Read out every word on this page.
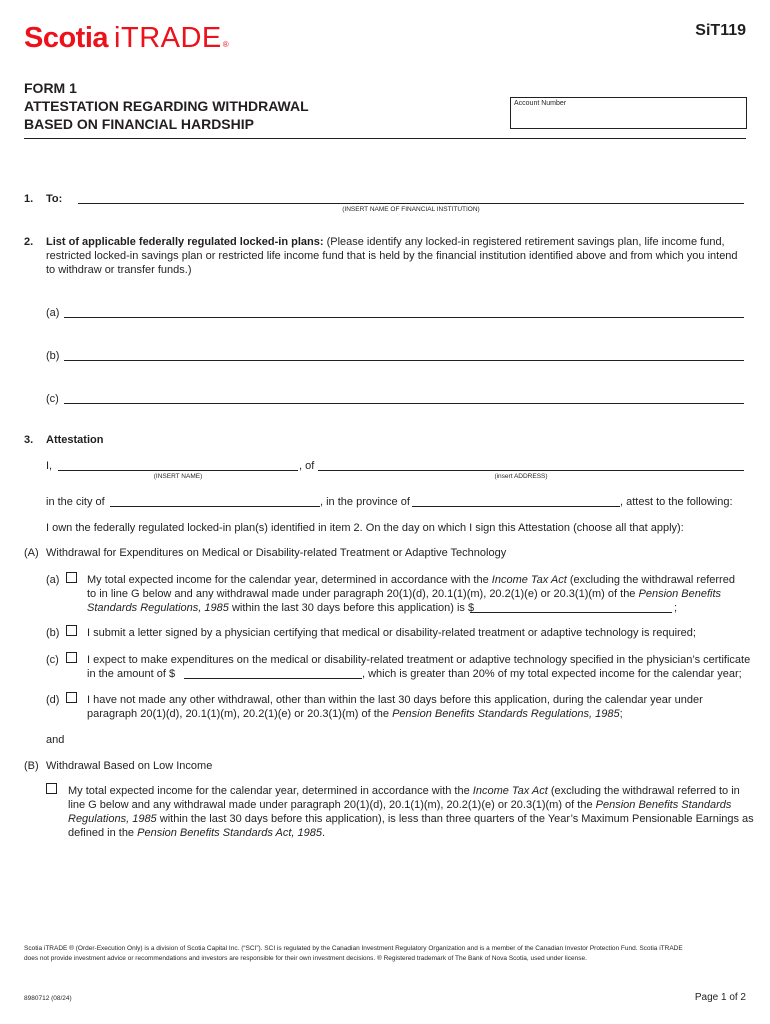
Scotia iTRADE ®
SiT119
FORM 1
ATTESTATION REGARDING WITHDRAWAL
BASED ON FINANCIAL HARDSHIP
Account Number
1. To:
(INSERT NAME OF FINANCIAL INSTITUTION)
2. List of applicable federally regulated locked-in plans: (Please identify any locked-in registered retirement savings plan, life income fund,
restricted locked-in savings plan or restricted life income fund that is held by the financial institution identified above and from which you intend
to withdraw or transfer funds.)
(a)
(b)
(c)
3. Attestation
I,
(INSERT NAME)
, of
(insert ADDRESS)
in the city of	, in the province of	, attest to the following:
I own the federally regulated locked-in plan(s) identified in item 2. On the day on which I sign this Attestation (choose all that apply):
(A) Withdrawal for Expenditures on Medical or Disability-related Treatment or Adaptive Technology
(a)	My total expected income for the calendar year, determined in accordance with the Income Tax Act (excluding the withdrawal referred
to in line G below and any withdrawal made under paragraph 20(1)(d), 20.1(1)(m), 20.2(1)(e) or 20.3(1)(m) of the Pension Benefits
Standards Regulations, 1985 within the last 30 days before this application) is $	;
(b)	I submit a letter signed by a physician certifying that medical or disability-related treatment or adaptive technology is required;
(c)	I expect to make expenditures on the medical or disability-related treatment or adaptive technology specified in the physician’s certificate
in the amount of $	, which is greater than 20% of my total expected income for the calendar year;
(d)	I have not made any other withdrawal, other than within the last 30 days before this application, during the calendar year under
paragraph 20(1)(d), 20.1(1)(m), 20.2(1)(e) or 20.3(1)(m) of the Pension Benefits Standards Regulations, 1985;
and
(B) Withdrawal Based on Low Income
My total expected income for the calendar year, determined in accordance with the Income Tax Act (excluding the withdrawal referred to in
line G below and any withdrawal made under paragraph 20(1)(d), 20.1(1)(m), 20.2(1)(e) or 20.3(1)(m) of the Pension Benefits Standards
Regulations, 1985 within the last 30 days before this application), is less than three quarters of the Year’s Maximum Pensionable Earnings as
defined in the Pension Benefits Standards Act, 1985.
Scotia iTRADE ® (Order-Execution Only) is a division of Scotia Capital Inc. (“SCI”). SCI is regulated by the Canadian Investment Regulatory Organization and is a member of the Canadian Investor Protection Fund. Scotia iTRADE
does not provide investment advice or recommendations and investors are responsible for their own investment decisions. ® Registered trademark of The Bank of Nova Scotia, used under license.
8980712 (08/24)	Page 1 of 2
